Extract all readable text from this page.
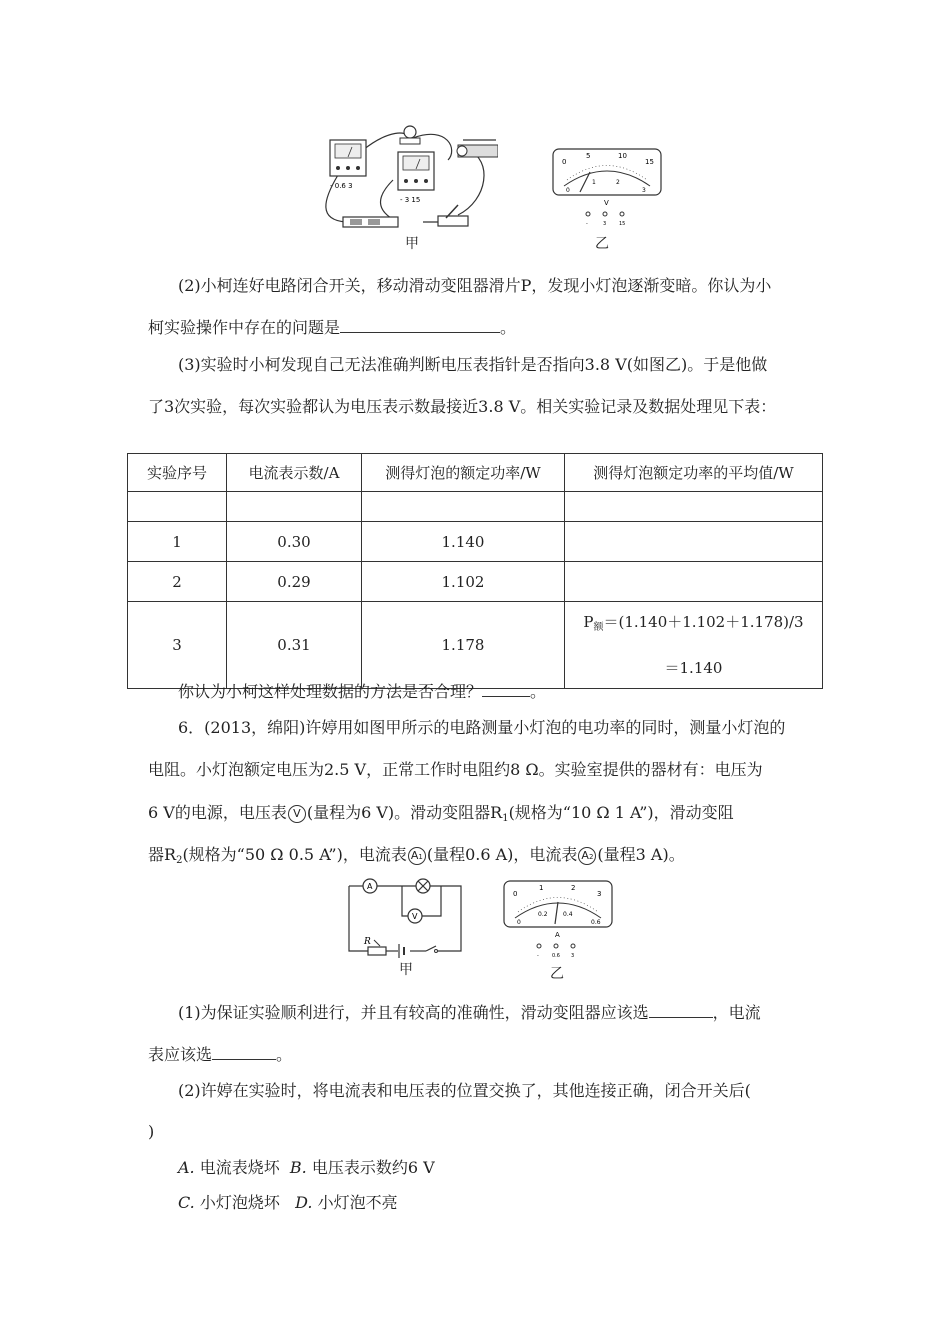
- 0.6 3
- 3 15
甲
0
5	10
15
0
1	2
3
V
-	3	15
乙
(2)小柯连好电路闭合开关，移动滑动变阻器滑片P，发现小灯泡逐渐变暗。你认为小
柯实验操作中存在的问题是	。
(3)实验时小柯发现自己无法准确判断电压表指针是否指向3.8 V(如图乙)。于是他做
了3次实验，每次实验都认为电压表示数最接近3.8 V。相关实验记录及数据处理见下表：
实验序号	电流表示数/A	测得灯泡的额定功率/W	测得灯泡额定功率的平均值/W

1	0.30	1.140	
2	0.29	1.102	
3	0.31	1.178	$P_额=(1.140+1.102+1.178)/3$
＝1.140
你认为小柯这样处理数据的方法是否合理？	。
6．(2013，绵阳)许婷用如图甲所示的电路测量小灯泡的电功率的同时，测量小灯泡的
电阻。小灯泡额定电压为2.5 V，正常工作时电阻约8 Ω。实验室提供的器材有：电压为
6 V的电源，电压表 V (量程为6 V)。滑动变阻器$R_1$(规格为“10 Ω 1 A”)，滑动变阻
器$R_2$(规格为“50 Ω 0.5 A”)，电流表 A1 (量程0.6 A)，电流表 A2 (量程3 A)。
A
V
R
甲
0
1	2
3
0
0.2	0.4
0.6
A
-	0.6 3
乙
(1)为保证实验顺利进行，并且有较高的准确性，滑动变阻器应该选	，电流
表应该选	。
(2)许婷在实验时，将电流表和电压表的位置交换了，其他连接正确，闭合开关后(
)
A. 电流表烧坏 B. 电压表示数约6 V
C. 小灯泡烧坏 D. 小灯泡不亮
